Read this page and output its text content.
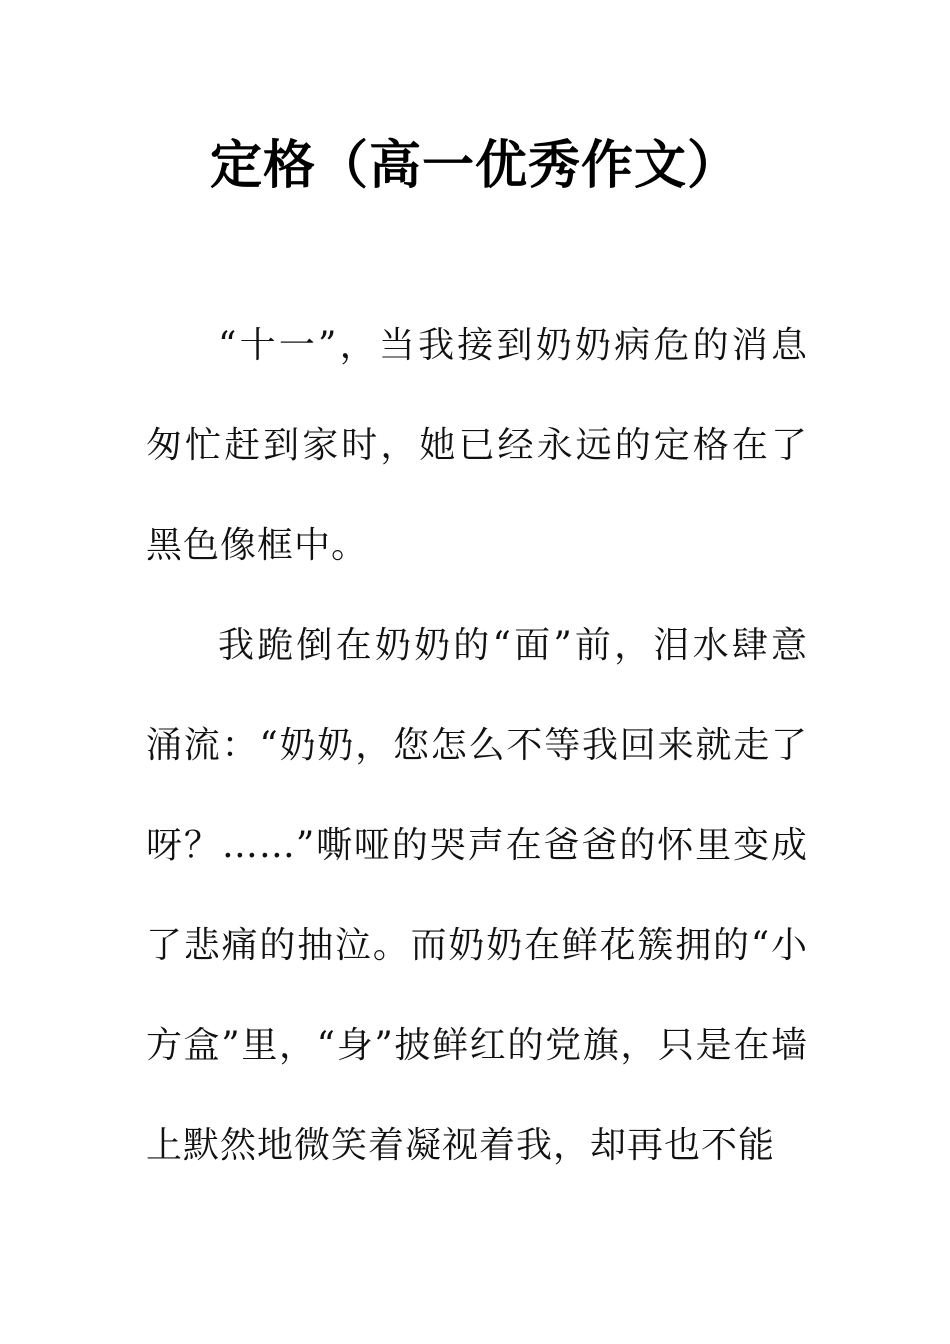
定格（高一优秀作文）

“十一”，当我接到奶奶病危的消息匆忙赶到家时，她已经永远的定格在了黑色像框中。

我跪倒在奶奶的“面”前，泪水肆意涌流：“奶奶，您怎么不等我回来就走了呀？……”嘶哑的哭声在爸爸的怀里变成了悲痛的抽泣。而奶奶在鲜花簇拥的“小方盒”里，“身”披鲜红的党旗，只是在墙上默然地微笑着凝视着我，却再也不能
